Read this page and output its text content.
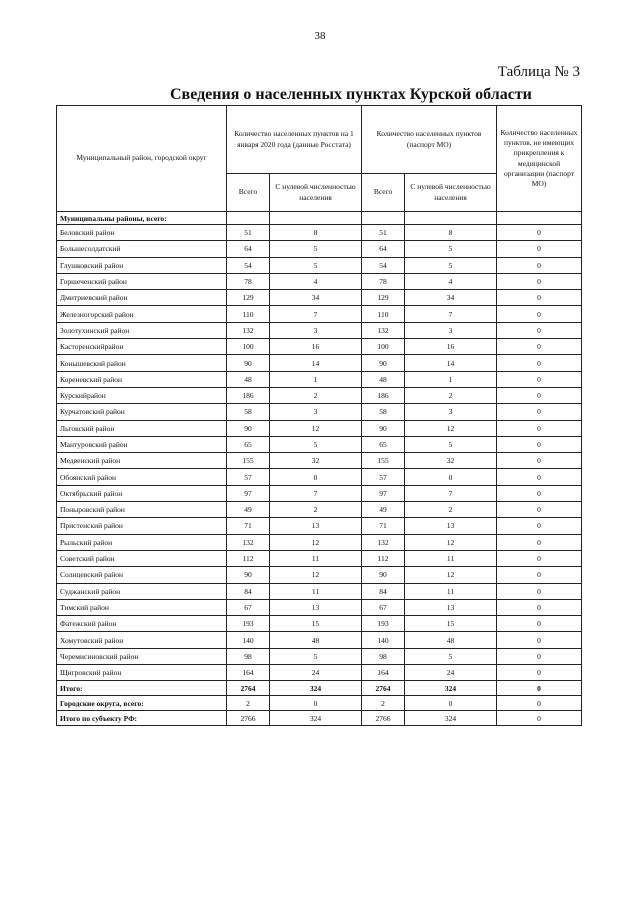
38
Таблица № 3
Сведения о населенных пунктах Курской области
Муниципальный район, городской округ	Количество населенных пунктов на 1 января 2020 года (данные Росстата)		Количество населенных пунктов (паспорт МО)		Количество населенных пунктов, не имеющих прикрепления к медицинской организации (паспорт МО)
	Всего	С нулевой численностью населения	Всего	С нулевой численностью населения	
Муниципальны районы, всего:					
Беловский район	51	8	51	8	0
Большесолдатский	64	5	64	5	0
Глушковский район	54	5	54	5	0
Горшеченский район	78	4	78	4	0
Дмитриевский район	129	34	129	34	0
Железногорский район	110	7	110	7	0
Золотухинский район	132	3	132	3	0
Касторенскийрайон	100	16	100	16	0
Конышевский район	90	14	90	14	0
Кореневский район	48	1	48	1	0
Курскийрайон	186	2	186	2	0
Курчатовский район	58	3	58	3	0
Льговский район	90	12	90	12	0
Мантуровский район	65	5	65	5	0
Медвенский район	155	32	155	32	0
Обоянский район	57	0	57	0	0
Октябрьский район	97	7	97	7	0
Поныровский район	49	2	49	2	0
Пристенский район	71	13	71	13	0
Рыльский район	132	12	132	12	0
Советский район	112	11	112	11	0
Солнцевский район	90	12	90	12	0
Суджанский район	84	11	84	11	0
Тимский район	67	13	67	13	0
Фатежский район	193	15	193	15	0
Хомутовский район	140	48	140	48	0
Черемисиновский район	98	5	98	5	0
Щигровский район	164	24	164	24	0
Итого:	2764	324	2764	324	0
Городские округа, всего:	2	0	2	0	0
Итого по субъекту РФ:	2766	324	2766	324	0
